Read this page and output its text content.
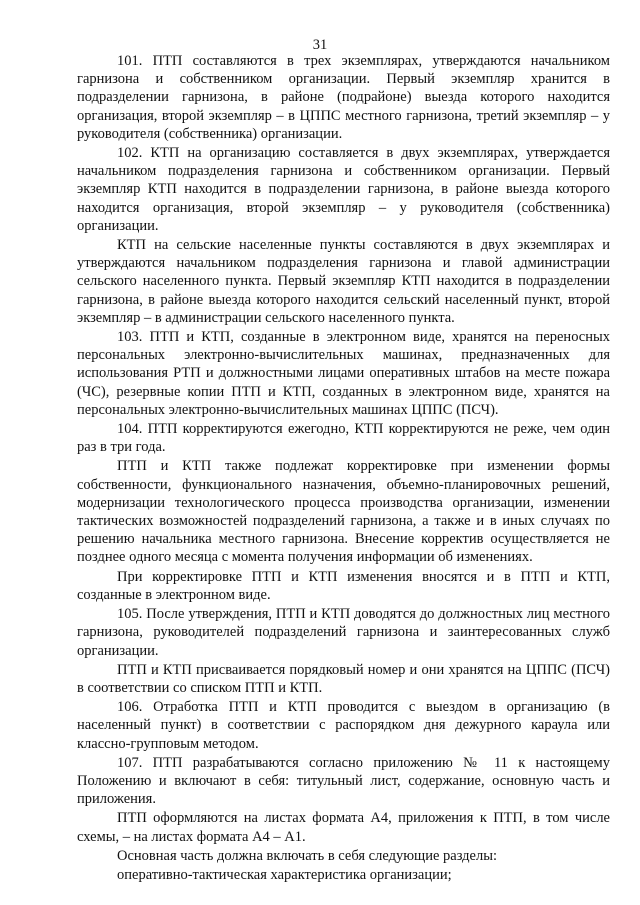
31

101. ПТП составляются в трех экземплярах, утверждаются начальником гарнизона и собственником организации. Первый экземпляр хранится в подразделении гарнизона, в районе (подрайоне) выезда которого находится организация, второй экземпляр – в ЦППС местного гарнизона, третий экземпляр – у руководителя (собственника) организации.

102. КТП на организацию составляется в двух экземплярах, утверждается начальником подразделения гарнизона и собственником организации. Первый экземпляр КТП находится в подразделении гарнизона, в районе выезда которого находится организация, второй экземпляр – у руководителя (собственника) организации.

КТП на сельские населенные пункты составляются в двух экземплярах и утверждаются начальником подразделения гарнизона и главой администрации сельского населенного пункта. Первый экземпляр КТП находится в подразделении гарнизона, в районе выезда которого находится сельский населенный пункт, второй экземпляр – в администрации сельского населенного пункта.

103. ПТП и КТП, созданные в электронном виде, хранятся на переносных персональных электронно-вычислительных машинах, предназначенных для использования РТП и должностными лицами оперативных штабов на месте пожара (ЧС), резервные копии ПТП и КТП, созданных в электронном виде, хранятся на персональных электронно-вычислительных машинах ЦППС (ПСЧ).

104. ПТП корректируются ежегодно, КТП корректируются не реже, чем один раз в три года.

ПТП и КТП также подлежат корректировке при изменении формы собственности, функционального назначения, объемно-планировочных решений, модернизации технологического процесса производства организации, изменении тактических возможностей подразделений гарнизона, а также и в иных случаях по решению начальника местного гарнизона. Внесение корректив осуществляется не позднее одного месяца с момента получения информации об изменениях.

При корректировке ПТП и КТП изменения вносятся и в ПТП и КТП, созданные в электронном виде.

105. После утверждения, ПТП и КТП доводятся до должностных лиц местного гарнизона, руководителей подразделений гарнизона и заинтересованных служб организации.

ПТП и КТП присваивается порядковый номер и они хранятся на ЦППС (ПСЧ) в соответствии со списком ПТП и КТП.

106. Отработка ПТП и КТП проводится с выездом в организацию (в населенный пункт) в соответствии с распорядком дня дежурного караула или классно-групповым методом.

107. ПТП разрабатываются согласно приложению № 11 к настоящему Положению и включают в себя: титульный лист, содержание, основную часть и приложения.

ПТП оформляются на листах формата А4, приложения к ПТП, в том числе схемы, – на листах формата А4 – А1.

Основная часть должна включать в себя следующие разделы:

оперативно-тактическая характеристика организации;
